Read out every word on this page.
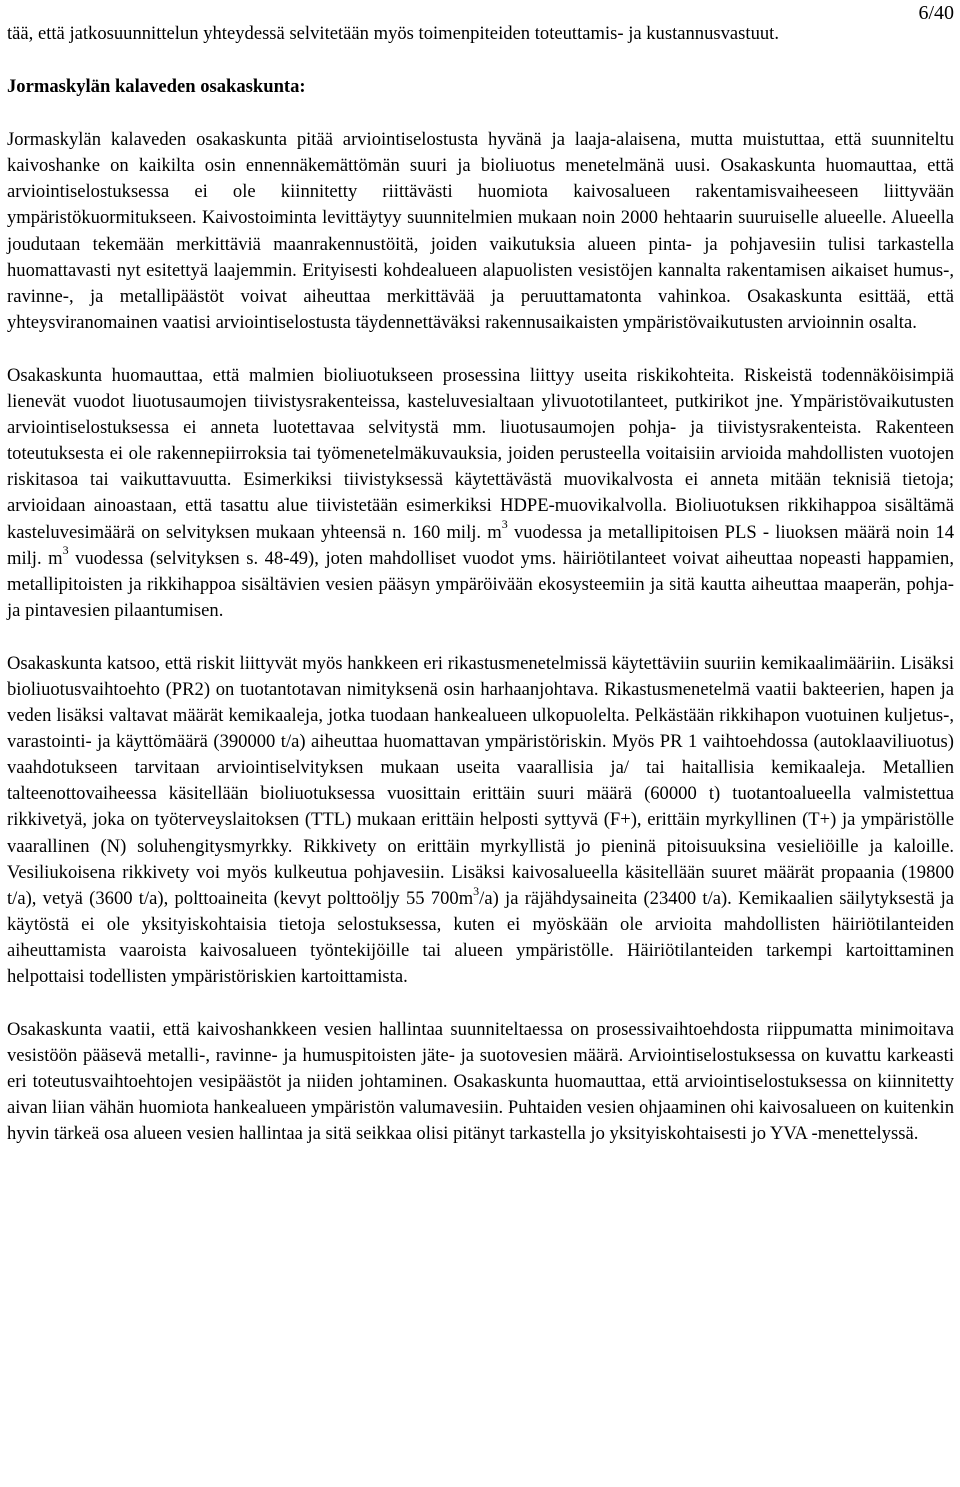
6/40

tää, että jatkosuunnittelun yhteydessä selvitetään myös toimenpiteiden toteuttamis- ja kustannusvastuut.

Jormaskylän kalaveden osakaskunta:

Jormaskylän kalaveden osakaskunta pitää arviointiselostusta hyvänä ja laaja-alaisena, mutta muistuttaa, että suunniteltu kaivoshanke on kaikilta osin ennennäkemättömän suuri ja bioliuotus menetelmänä uusi. Osakaskunta huomauttaa, että arviointiselostuksessa ei ole kiinnitetty riittävästi huomiota kaivosalueen rakentamisvaiheeseen liittyvään ympäristökuormitukseen. Kaivostoiminta levittäytyy suunnitelmien mukaan noin 2000 hehtaarin suuruiselle alueelle. Alueella joudutaan tekemään merkittäviä maanrakennustöitä, joiden vaikutuksia alueen pinta- ja pohjavesiin tulisi tarkastella huomattavasti nyt esitettyä laajemmin. Erityisesti kohdealueen alapuolisten vesistöjen kannalta rakentamisen aikaiset humus-, ravinne-, ja metallipäästöt voivat aiheuttaa merkittävää ja peruuttamatonta vahinkoa. Osakaskunta esittää, että yhteysviranomainen vaatisi arviointiselostusta täydennettäväksi rakennusaikaisten ympäristövaikutusten arvioinnin osalta.

Osakaskunta huomauttaa, että malmien bioliuotukseen prosessina liittyy useita riskikohteita. Riskeistä todennäköisimpiä lienevät vuodot liuotusaumojen tiivistysrakenteissa, kasteluvesialtaan ylivuototilanteet, putkirikot jne. Ympäristövaikutusten arviointiselostuksessa ei anneta luotettavaa selvitystä mm. liuotusaumojen pohja- ja tiivistysrakenteista. Rakenteen toteutuksesta ei ole rakennepiirroksia tai työmenetelmäkuvauksia, joiden perusteella voitaisiin arvioida mahdollisten vuotojen riskitasoa tai vaikuttavuutta. Esimerkiksi tiivistyksessä käytettävästä muovikalvosta ei anneta mitään teknisiä tietoja; arvioidaan ainoastaan, että tasattu alue tiivistetään esimerkiksi HDPE-muovikalvolla. Bioliuotuksen rikkihappoa sisältämä kasteluvesimäärä on selvityksen mukaan yhteensä n. 160 milj. $m^3$ vuodessa ja metallipitoisen PLS - liuoksen määrä noin 14 milj. $m^3$ vuodessa (selvityksen s. 48-49), joten mahdolliset vuodot yms. häiriötilanteet voivat aiheuttaa nopeasti happamien, metallipitoisten ja rikkihappoa sisältävien vesien pääsyn ympäröivään ekosysteemiin ja sitä kautta aiheuttaa maaperän, pohja- ja pintavesien pilaantumisen.

Osakaskunta katsoo, että riskit liittyvät myös hankkeen eri rikastusmenetelmissä käytettäviin suuriin kemikaalimääriin. Lisäksi bioliuotusvaihtoehto (PR2) on tuotantotavan nimityksenä osin harhaanjohtava. Rikastusmenetelmä vaatii bakteerien, hapen ja veden lisäksi valtavat määrät kemikaaleja, jotka tuodaan hankealueen ulkopuolelta. Pelkästään rikkihapon vuotuinen kuljetus-, varastointi- ja käyttömäärä (390000 t/a) aiheuttaa huomattavan ympäristöriskin. Myös PR 1 vaihtoehdossa (autoklaaviliuotus) vaahdotukseen tarvitaan arviointiselvityksen mukaan useita vaarallisia ja/ tai haitallisia kemikaaleja. Metallien talteenottovaiheessa käsitellään bioliuotuksessa vuosittain erittäin suuri määrä (60000 t) tuotantoalueella valmistettua rikkivetyä, joka on työterveyslaitoksen (TTL) mukaan erittäin helposti syttyvä (F+), erittäin myrkyllinen (T+) ja ympäristölle vaarallinen (N) soluhengitysmyrkky. Rikkivety on erittäin myrkyllistä jo pieninä pitoisuuksina vesieliöille ja kaloille. Vesiliukoisena rikkivety voi myös kulkeutua pohjavesiin. Lisäksi kaivosalueella käsitellään suuret määrät propaania (19800 t/a), vetyä (3600 t/a), polttoaineita (kevyt polttoöljy 55 $700m^3/a$) ja räjähdysaineita (23400 t/a). Kemikaalien säilytyksestä ja käytöstä ei ole yksityiskohtaisia tietoja selostuksessa, kuten ei myöskään ole arvioita mahdollisten häiriötilanteiden aiheuttamista vaaroista kaivosalueen työntekijöille tai alueen ympäristölle. Häiriötilanteiden tarkempi kartoittaminen helpottaisi todellisten ympäristöriskien kartoittamista.

Osakaskunta vaatii, että kaivoshankkeen vesien hallintaa suunniteltaessa on prosessivaihtoehdosta riippumatta minimoitava vesistöön pääsevä metalli-, ravinne- ja humuspitoisten jäte- ja suotovesien määrä. Arviointiselostuksessa on kuvattu karkeasti eri toteutusvaihtoehtojen vesipäästöt ja niiden johtaminen. Osakaskunta huomauttaa, että arviointiselostuksessa on kiinnitetty aivan liian vähän huomiota hankealueen ympäristön valumavesiin. Puhtaiden vesien ohjaaminen ohi kaivosalueen on kuitenkin hyvin tärkeä osa alueen vesien hallintaa ja sitä seikkaa olisi pitänyt tarkastella jo yksityiskohtaisesti jo YVA -menettelyssä.
